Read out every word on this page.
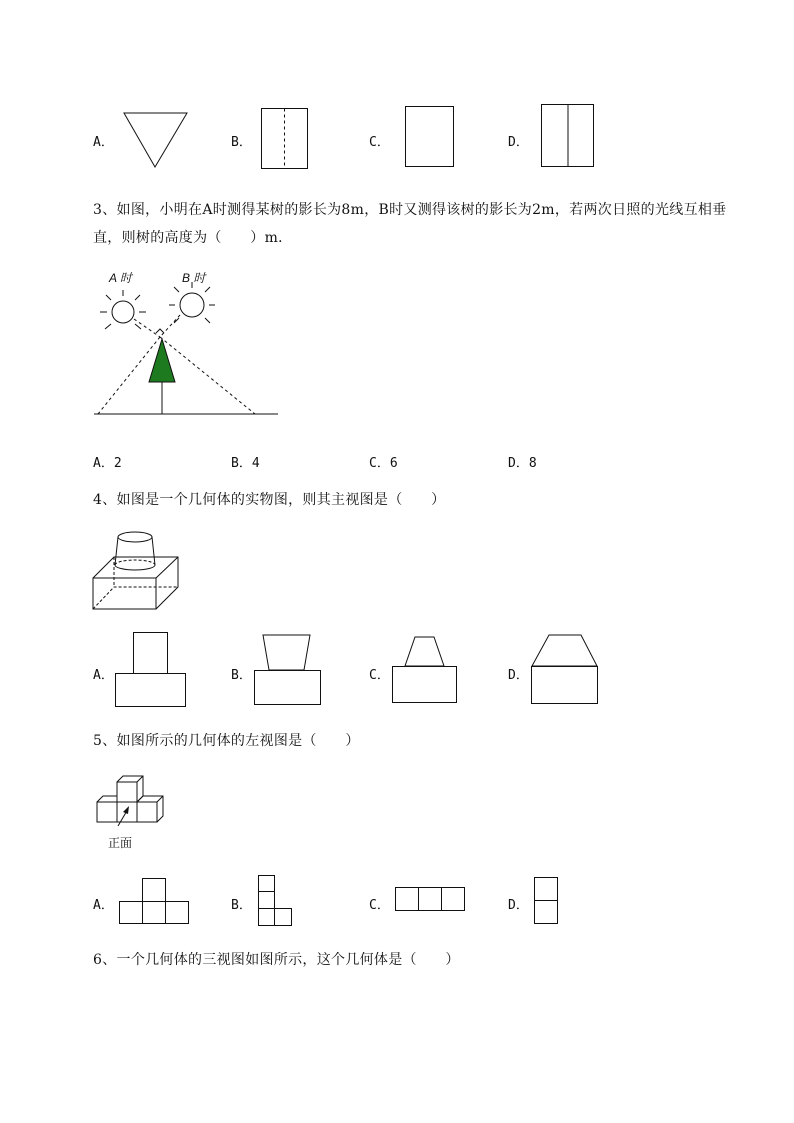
A．	B．	C．	D．
3、如图，小明在A时测得某树的影长为8m，B时又测得该树的影长为2m，若两次日照的光线互相垂
直，则树的高度为（　　）m．
A 时	B 时
A．2	B．4	C．6	D．8
4、如图是一个几何体的实物图，则其主视图是（　　）
A．	B．	C．	D．
5、如图所示的几何体的左视图是（　　）
正面
A．	B．	C．	D．
6、一个几何体的三视图如图所示，这个几何体是（　　）
